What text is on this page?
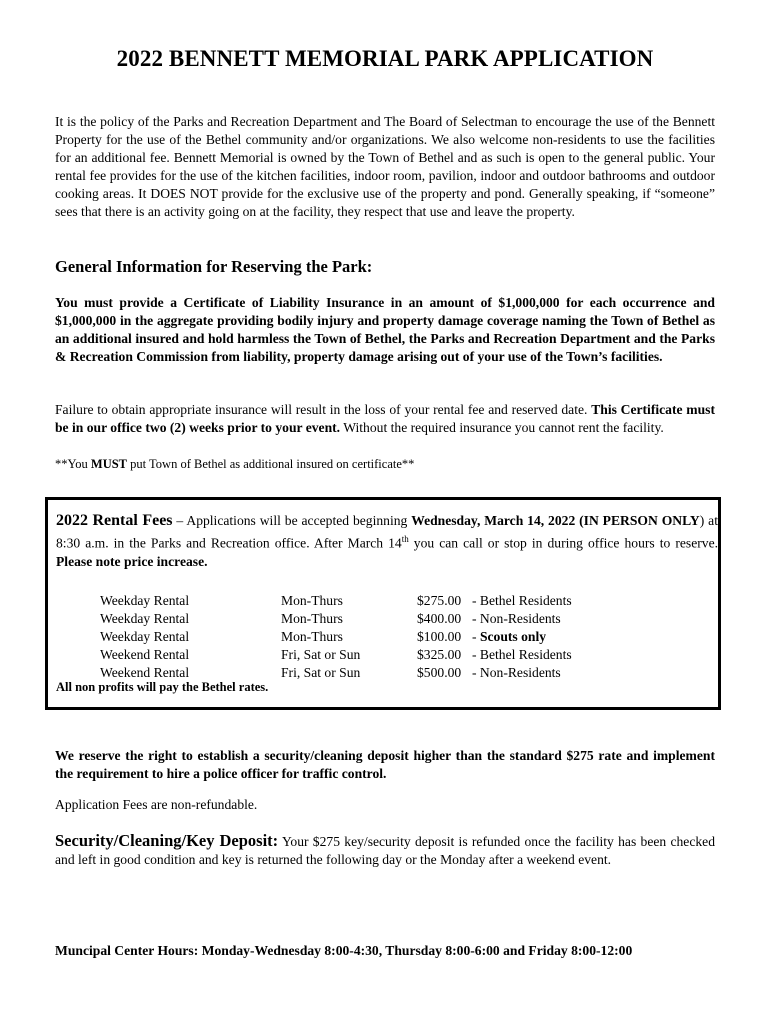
2022 BENNETT MEMORIAL PARK APPLICATION

It is the policy of the Parks and Recreation Department and The Board of Selectman to encourage the use of the Bennett Property for the use of the Bethel community and/or organizations. We also welcome non-residents to use the facilities for an additional fee. Bennett Memorial is owned by the Town of Bethel and as such is open to the general public. Your rental fee provides for the use of the kitchen facilities, indoor room, pavilion, indoor and outdoor bathrooms and outdoor cooking areas. It DOES NOT provide for the exclusive use of the property and pond. Generally speaking, if “someone” sees that there is an activity going on at the facility, they respect that use and leave the property.

General Information for Reserving the Park:

You must provide a Certificate of Liability Insurance in an amount of $1,000,000 for each occurrence and $1,000,000 in the aggregate providing bodily injury and property damage coverage naming the Town of Bethel as an additional insured and hold harmless the Town of Bethel, the Parks and Recreation Department and the Parks & Recreation Commission from liability, property damage arising out of your use of the Town’s facilities.

Failure to obtain appropriate insurance will result in the loss of your rental fee and reserved date. This Certificate must be in our office two (2) weeks prior to your event. Without the required insurance you cannot rent the facility.

**You MUST put Town of Bethel as additional insured on certificate**

2022 Rental Fees – Applications will be accepted beginning Wednesday, March 14, 2022 (IN PERSON ONLY) at 8:30 a.m. in the Parks and Recreation office. After March 14th you can call or stop in during office hours to reserve. Please note price increase.

Weekday Rental	Mon-Thurs	$275.00 - Bethel Residents
Weekday Rental	Mon-Thurs	$400.00 - Non-Residents
Weekday Rental	Mon-Thurs	$100.00 - Scouts only
Weekend Rental	Fri, Sat or Sun	$325.00 - Bethel Residents
Weekend Rental	Fri, Sat or Sun	$500.00 - Non-Residents

All non profits will pay the Bethel rates.

We reserve the right to establish a security/cleaning deposit higher than the standard $275 rate and implement the requirement to hire a police officer for traffic control.

Application Fees are non-refundable.

Security/Cleaning/Key Deposit: Your $275 key/security deposit is refunded once the facility has been checked and left in good condition and key is returned the following day or the Monday after a weekend event.

Muncipal Center Hours: Monday-Wednesday 8:00-4:30, Thursday 8:00-6:00 and Friday 8:00-12:00
